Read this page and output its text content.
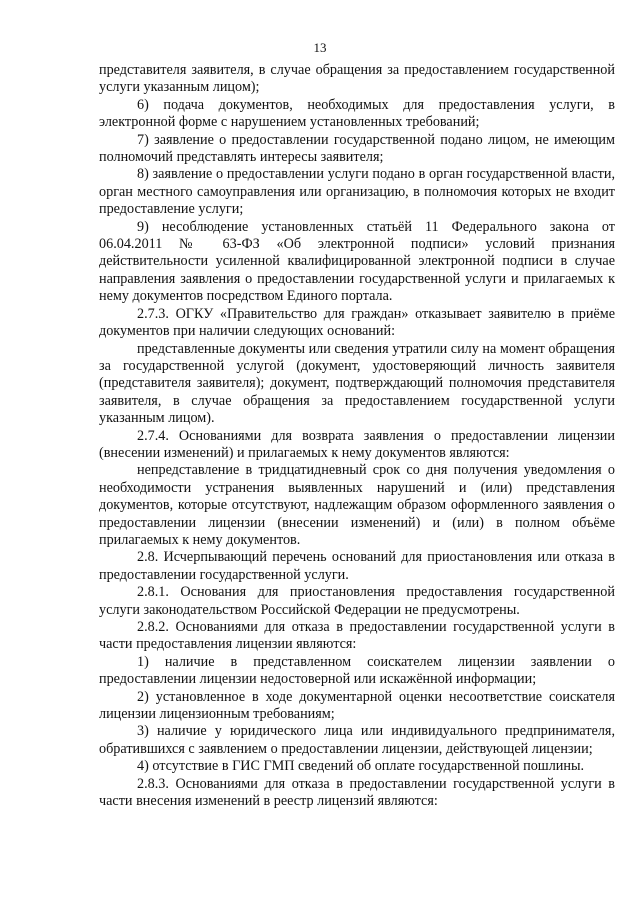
13

представителя заявителя, в случае обращения за предоставлением государственной услуги указанным лицом);

6) подача документов, необходимых для предоставления услуги, в электронной форме с нарушением установленных требований;

7) заявление о предоставлении государственной подано лицом, не имеющим полномочий представлять интересы заявителя;

8) заявление о предоставлении услуги подано в орган государственной власти, орган местного самоуправления или организацию, в полномочия которых не входит предоставление услуги;

9) несоблюдение установленных статьёй 11 Федерального закона от 06.04.2011 № 63-ФЗ «Об электронной подписи» условий признания действительности усиленной квалифицированной электронной подписи в случае направления заявления о предоставлении государственной услуги и прилагаемых к нему документов посредством Единого портала.

2.7.3. ОГКУ «Правительство для граждан» отказывает заявителю в приёме документов при наличии следующих оснований:

представленные документы или сведения утратили силу на момент обращения за государственной услугой (документ, удостоверяющий личность заявителя (представителя заявителя); документ, подтверждающий полномочия представителя заявителя, в случае обращения за предоставлением государственной услуги указанным лицом).

2.7.4. Основаниями для возврата заявления о предоставлении лицензии (внесении изменений) и прилагаемых к нему документов являются:

непредставление в тридцатидневный срок со дня получения уведомления о необходимости устранения выявленных нарушений и (или) представления документов, которые отсутствуют, надлежащим образом оформленного заявления о предоставлении лицензии (внесении изменений) и (или) в полном объёме прилагаемых к нему документов.

2.8. Исчерпывающий перечень оснований для приостановления или отказа в предоставлении государственной услуги.

2.8.1. Основания для приостановления предоставления государственной услуги законодательством Российской Федерации не предусмотрены.

2.8.2. Основаниями для отказа в предоставлении государственной услуги в части предоставления лицензии являются:

1) наличие в представленном соискателем лицензии заявлении о предоставлении лицензии недостоверной или искажённой информации;

2) установленное в ходе документарной оценки несоответствие соискателя лицензии лицензионным требованиям;

3) наличие у юридического лица или индивидуального предпринимателя, обратившихся с заявлением о предоставлении лицензии, действующей лицензии;

4) отсутствие в ГИС ГМП сведений об оплате государственной пошлины.

2.8.3. Основаниями для отказа в предоставлении государственной услуги в части внесения изменений в реестр лицензий являются:
